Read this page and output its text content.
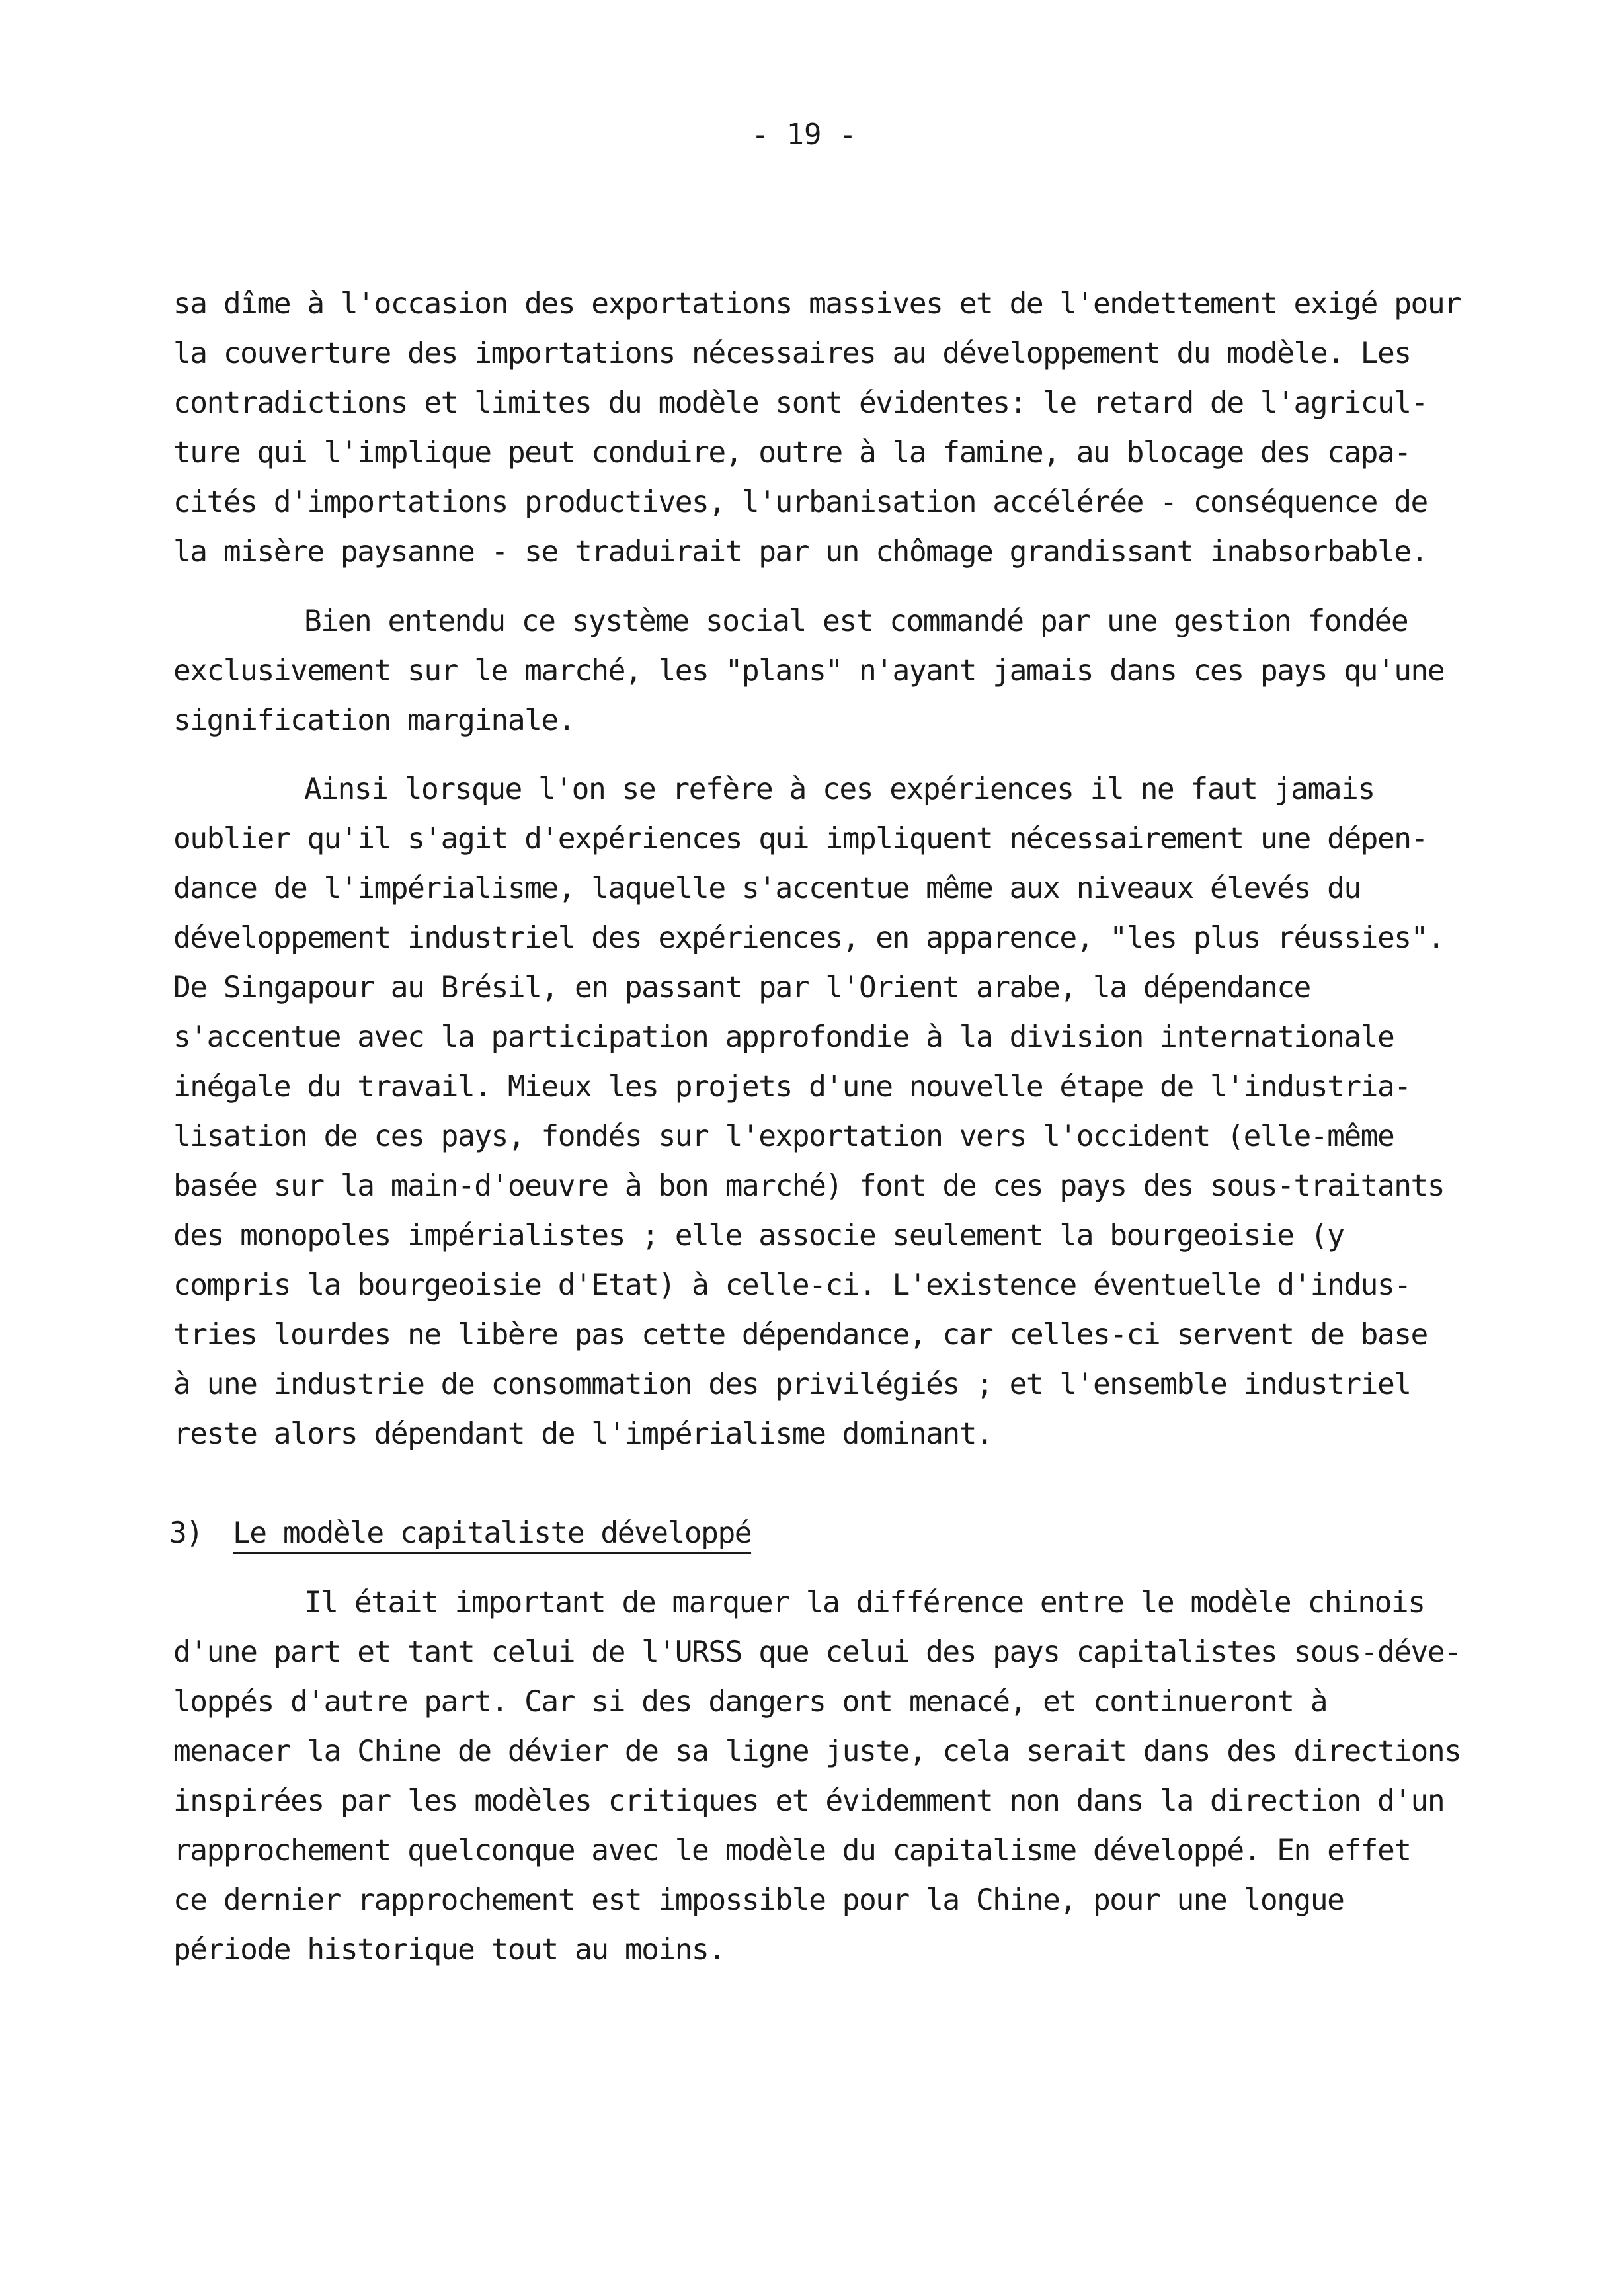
- 19 -
sa dîme à l'occasion des exportations massives et de l'endettement exigé pour
la couverture des importations nécessaires au développement du modèle. Les
contradictions et limites du modèle sont évidentes: le retard de l'agricul-
ture qui l'implique peut conduire, outre à la famine, au blocage des capa-
cités d'importations productives, l'urbanisation accélérée - conséquence de
la misère paysanne - se traduirait par un chômage grandissant inabsorbable.
Bien entendu ce système social est commandé par une gestion fondée
exclusivement sur le marché, les "plans" n'ayant jamais dans ces pays qu'une
signification marginale.
Ainsi lorsque l'on se refère à ces expériences il ne faut jamais
oublier qu'il s'agit d'expériences qui impliquent nécessairement une dépen-
dance de l'impérialisme, laquelle s'accentue même aux niveaux élevés du
développement industriel des expériences, en apparence, "les plus réussies".
De Singapour au Brésil, en passant par l'Orient arabe, la dépendance
s'accentue avec la participation approfondie à la division internationale
inégale du travail. Mieux les projets d'une nouvelle étape de l'industria-
lisation de ces pays, fondés sur l'exportation vers l'occident (elle-même
basée sur la main-d'oeuvre à bon marché) font de ces pays des sous-traitants
des monopoles impérialistes ; elle associe seulement la bourgeoisie (y
compris la bourgeoisie d'Etat) à celle-ci. L'existence éventuelle d'indus-
tries lourdes ne libère pas cette dépendance, car celles-ci servent de base
à une industrie de consommation des privilégiés ; et l'ensemble industriel
reste alors dépendant de l'impérialisme dominant.
3) Le modèle capitaliste développé
Il était important de marquer la différence entre le modèle chinois
d'une part et tant celui de l'URSS que celui des pays capitalistes sous-déve-
loppés d'autre part. Car si des dangers ont menacé, et continueront à
menacer la Chine de dévier de sa ligne juste, cela serait dans des directions
inspirées par les modèles critiques et évidemment non dans la direction d'un
rapprochement quelconque avec le modèle du capitalisme développé. En effet
ce dernier rapprochement est impossible pour la Chine, pour une longue
période historique tout au moins.
